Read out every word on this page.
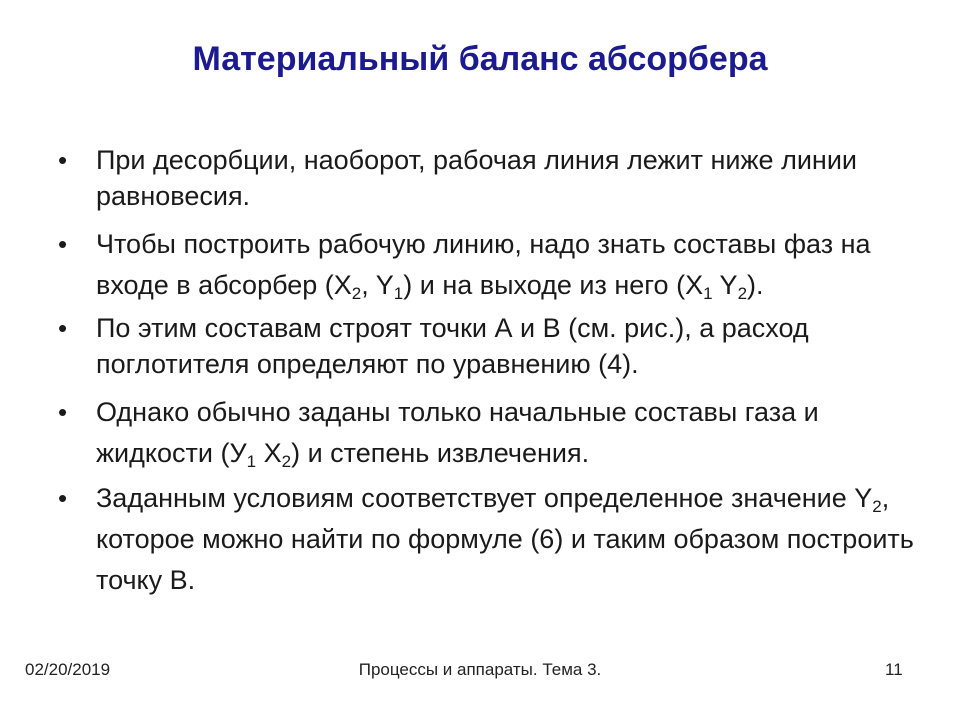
Материальный баланс абсорбера
• При десорбции, наоборот, рабочая линия лежит ниже линии равновесия.
• Чтобы построить рабочую линию, надо знать составы фаз на входе в абсорбер ($X_2$, $Y_1$) и на выходе из него ($X_1$ $Y_2$).
• По этим составам строят точки А и В (см. рис.), а расход поглотителя определяют по уравнению (4).
• Однако обычно заданы только начальные составы газа и жидкости ($У_1$ $X_2$) и степень извлечения.
• Заданным условиям соответствует определенное значение $Y_2$, которое можно найти по формуле (6) и таким образом построить точку В.
02/20/2019	Процессы и аппараты. Тема 3.	11
